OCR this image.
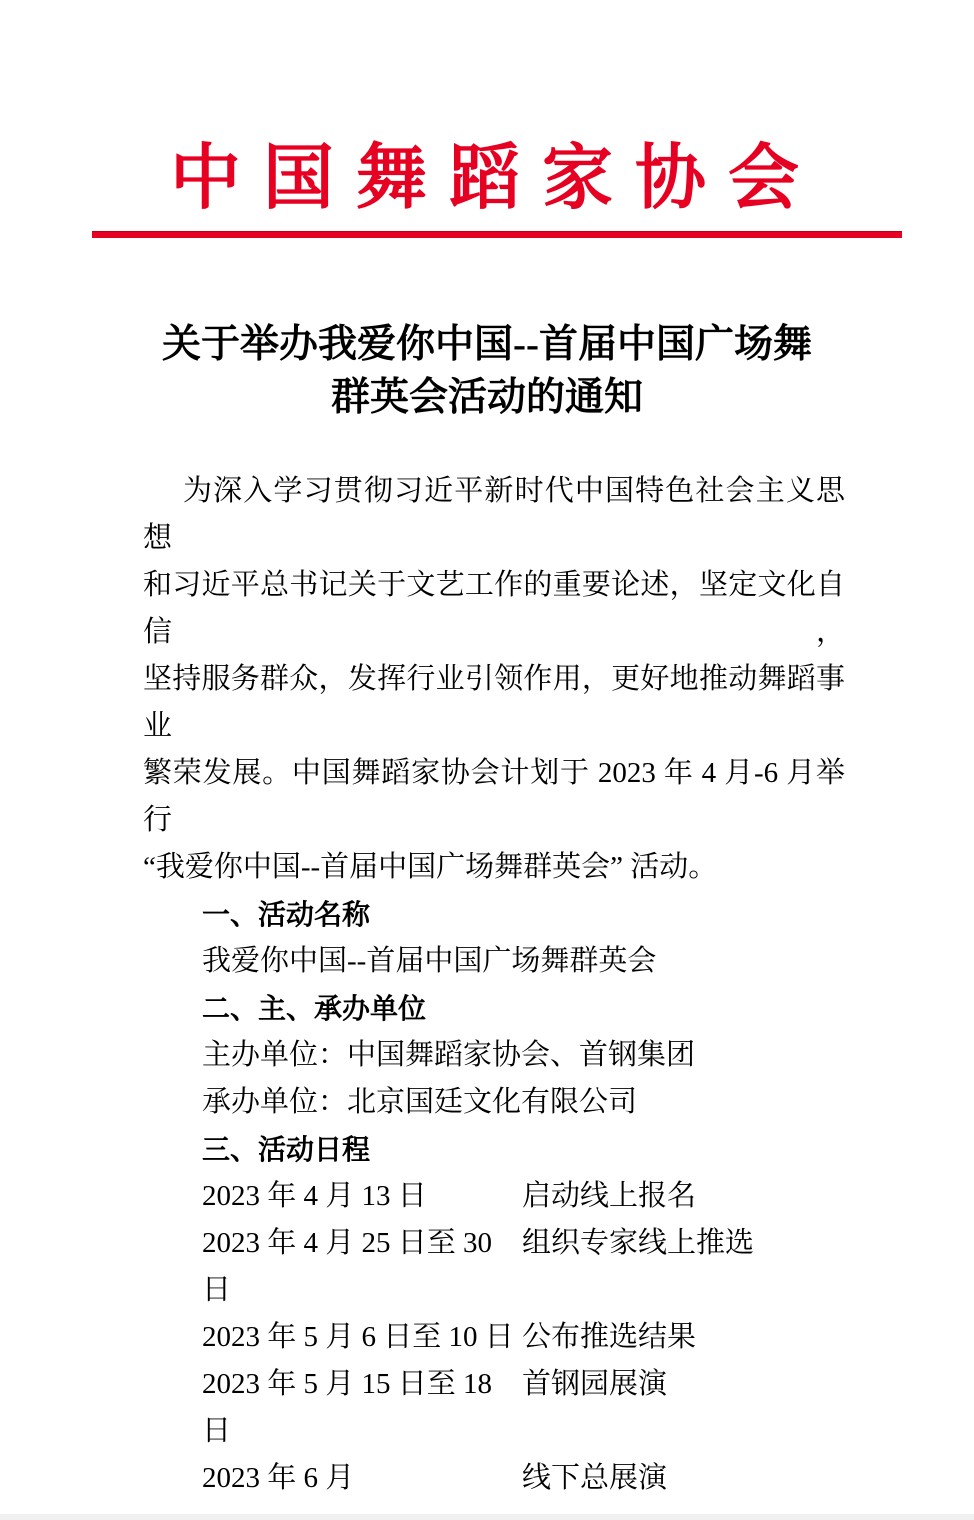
中国舞蹈家协会
关于举办我爱你中国--首届中国广场舞
群英会活动的通知
为深入学习贯彻习近平新时代中国特色社会主义思想
和习近平总书记关于文艺工作的重要论述，坚定文化自信，
坚持服务群众，发挥行业引领作用，更好地推动舞蹈事业
繁荣发展。中国舞蹈家协会计划于 2023 年 4 月-6 月举行
“我爱你中国--首届中国广场舞群英会” 活动。
一、活动名称
我爱你中国--首届中国广场舞群英会
二、主、承办单位
主办单位：中国舞蹈家协会、首钢集团
承办单位：北京国廷文化有限公司
三、活动日程
2023 年 4 月 13 日	启动线上报名
2023 年 4 月 25 日至 30 日
组织专家线上推选
2023 年 5 月 6 日至 10 日 公布推选结果
2023 年 5 月 15 日至 18 日
首钢园展演
2023 年 6 月	线下总展演
